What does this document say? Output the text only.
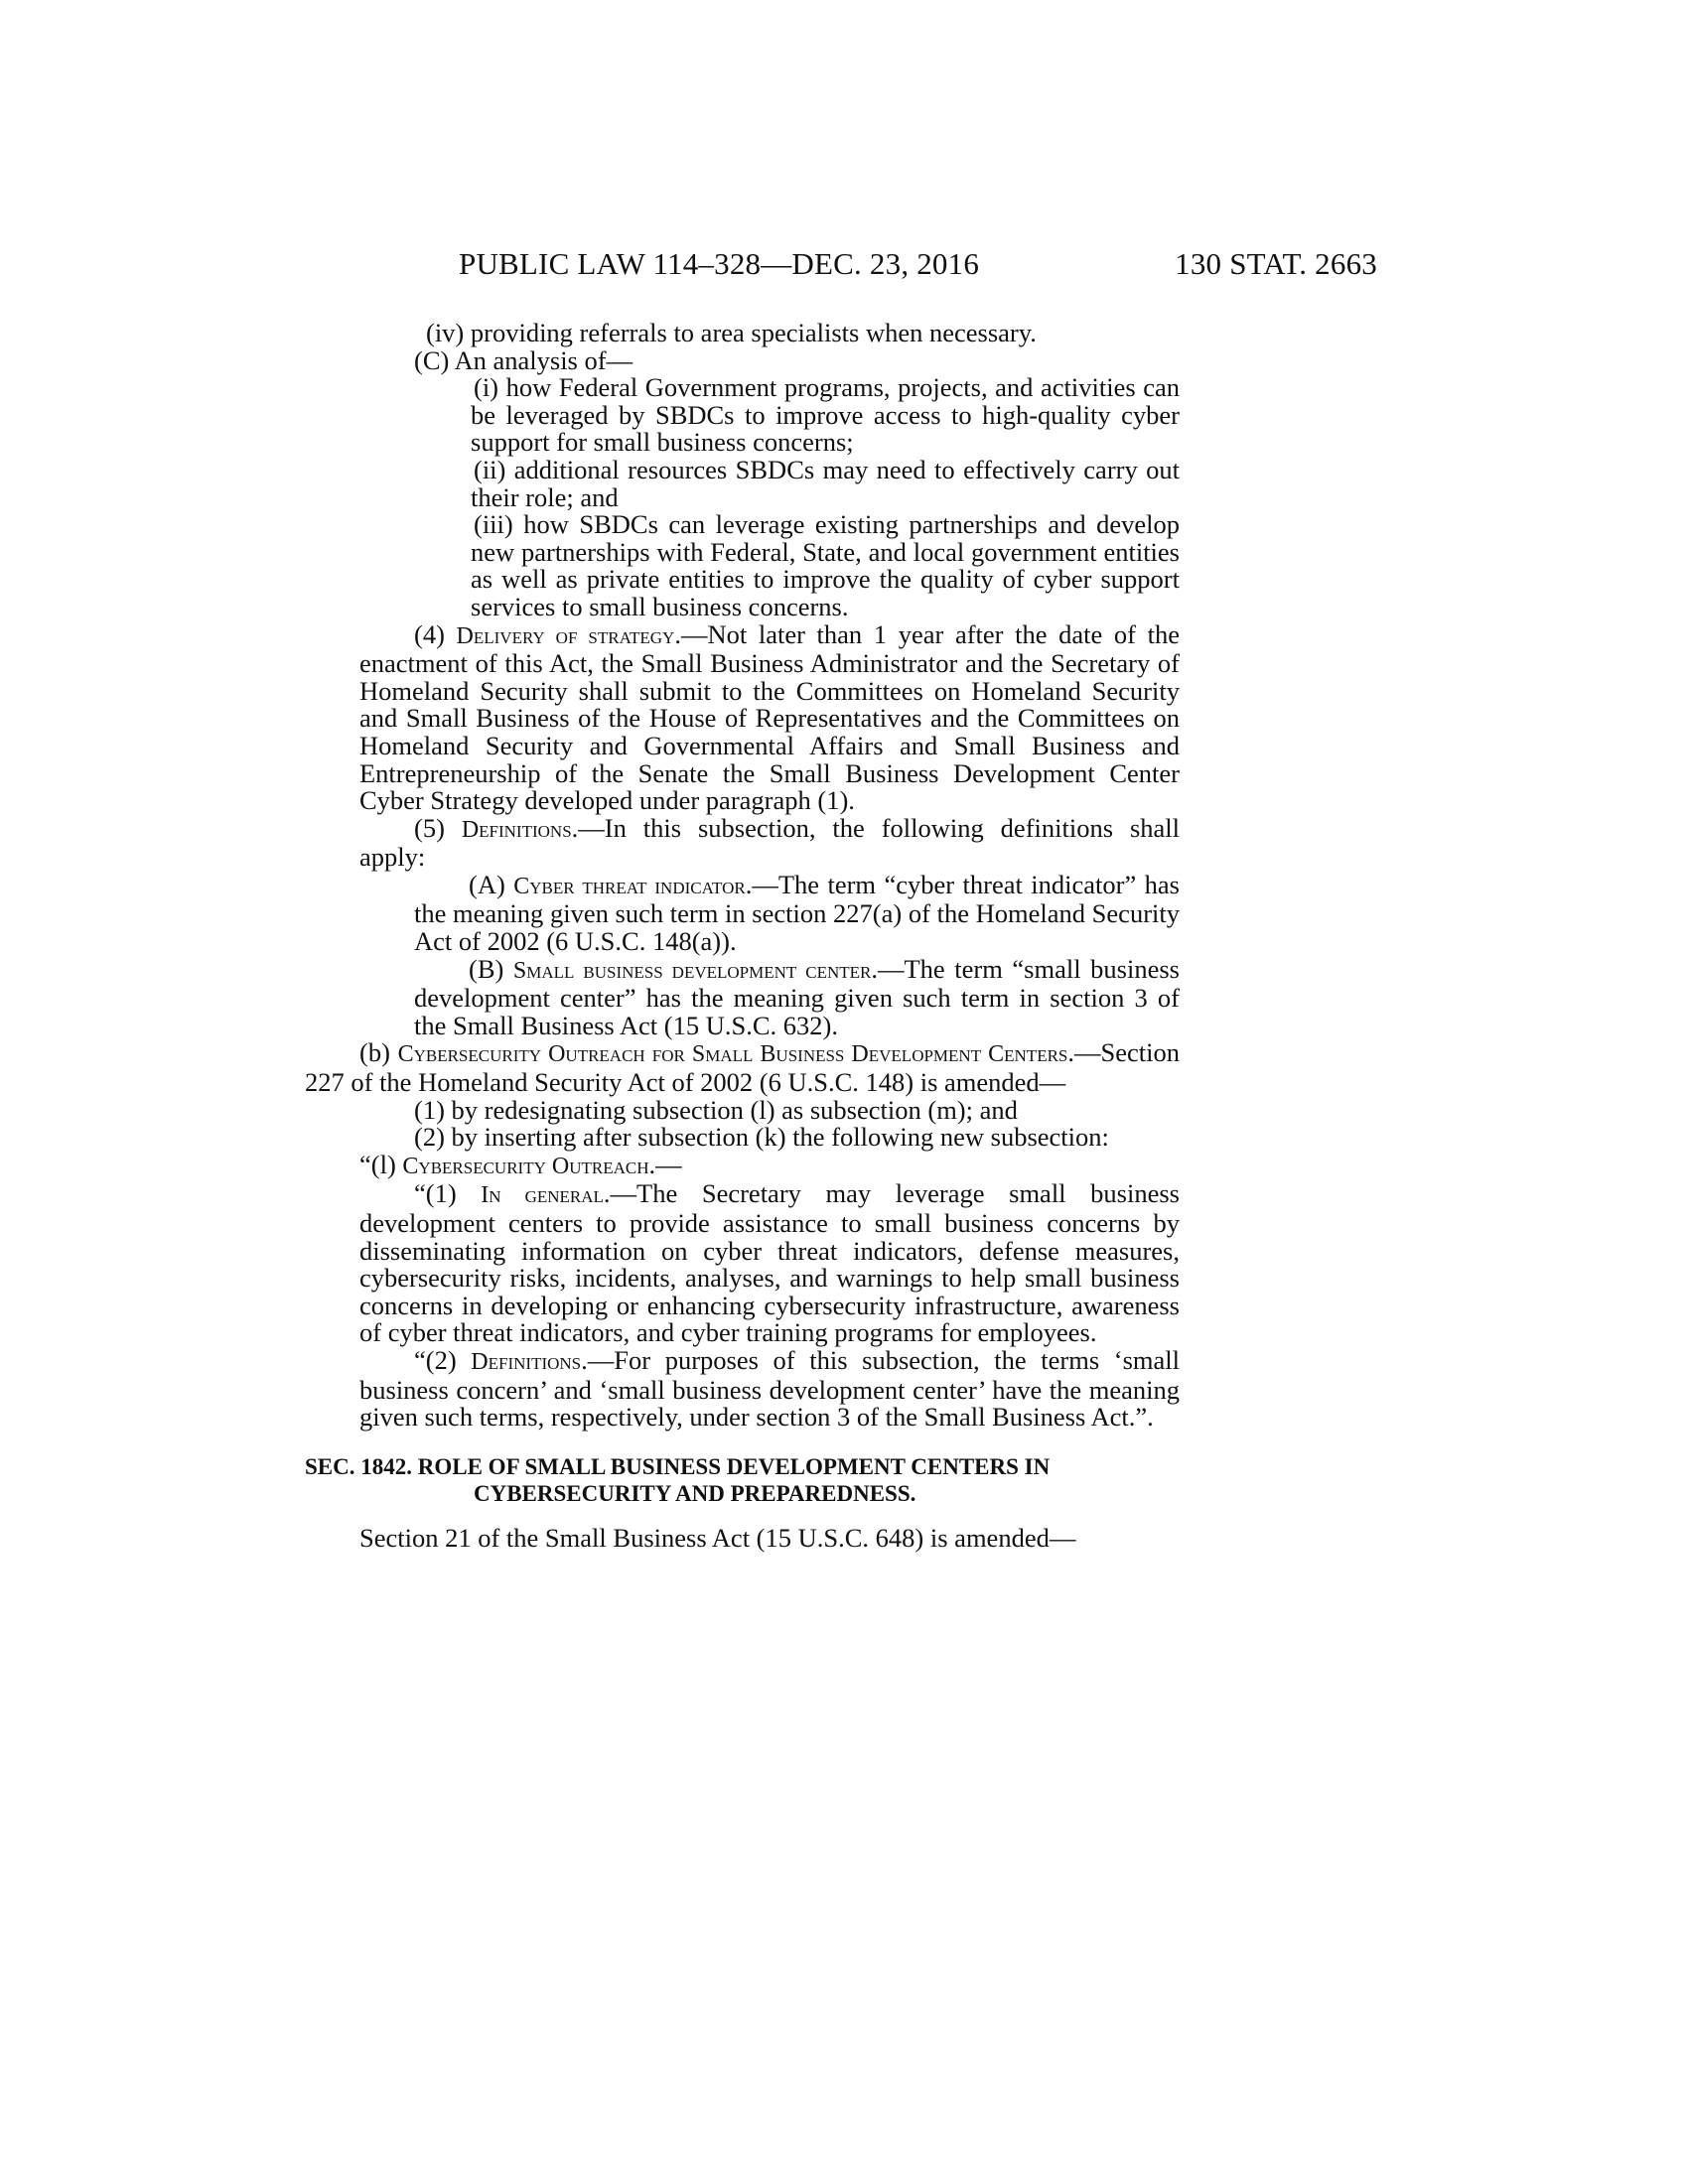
PUBLIC LAW 114–328—DEC. 23, 2016	130 STAT. 2663

(iv) providing referrals to area specialists when necessary.

(C) An analysis of—

(i) how Federal Government programs, projects, and activities can be leveraged by SBDCs to improve access to high-quality cyber support for small business concerns;

(ii) additional resources SBDCs may need to effectively carry out their role; and

(iii) how SBDCs can leverage existing partnerships and develop new partnerships with Federal, State, and local government entities as well as private entities to improve the quality of cyber support services to small business concerns.

(4) Delivery of strategy.—Not later than 1 year after the date of the enactment of this Act, the Small Business Administrator and the Secretary of Homeland Security shall submit to the Committees on Homeland Security and Small Business of the House of Representatives and the Committees on Homeland Security and Governmental Affairs and Small Business and Entrepreneurship of the Senate the Small Business Development Center Cyber Strategy developed under paragraph (1).

(5) Definitions.—In this subsection, the following definitions shall apply:

(A) Cyber threat indicator.—The term “cyber threat indicator” has the meaning given such term in section 227(a) of the Homeland Security Act of 2002 (6 U.S.C. 148(a)).

(B) Small business development center.—The term “small business development center” has the meaning given such term in section 3 of the Small Business Act (15 U.S.C. 632).

(b) Cybersecurity Outreach for Small Business Development Centers.—Section 227 of the Homeland Security Act of 2002 (6 U.S.C. 148) is amended—

(1) by redesignating subsection (l) as subsection (m); and

(2) by inserting after subsection (k) the following new subsection:

“(l) Cybersecurity Outreach.—

“(1) In general.—The Secretary may leverage small business development centers to provide assistance to small business concerns by disseminating information on cyber threat indicators, defense measures, cybersecurity risks, incidents, analyses, and warnings to help small business concerns in developing or enhancing cybersecurity infrastructure, awareness of cyber threat indicators, and cyber training programs for employees.

“(2) Definitions.—For purposes of this subsection, the terms ‘small business concern’ and ‘small business development center’ have the meaning given such terms, respectively, under section 3 of the Small Business Act.”.

SEC. 1842. ROLE OF SMALL BUSINESS DEVELOPMENT CENTERS IN
CYBERSECURITY AND PREPAREDNESS.

Section 21 of the Small Business Act (15 U.S.C. 648) is amended—
